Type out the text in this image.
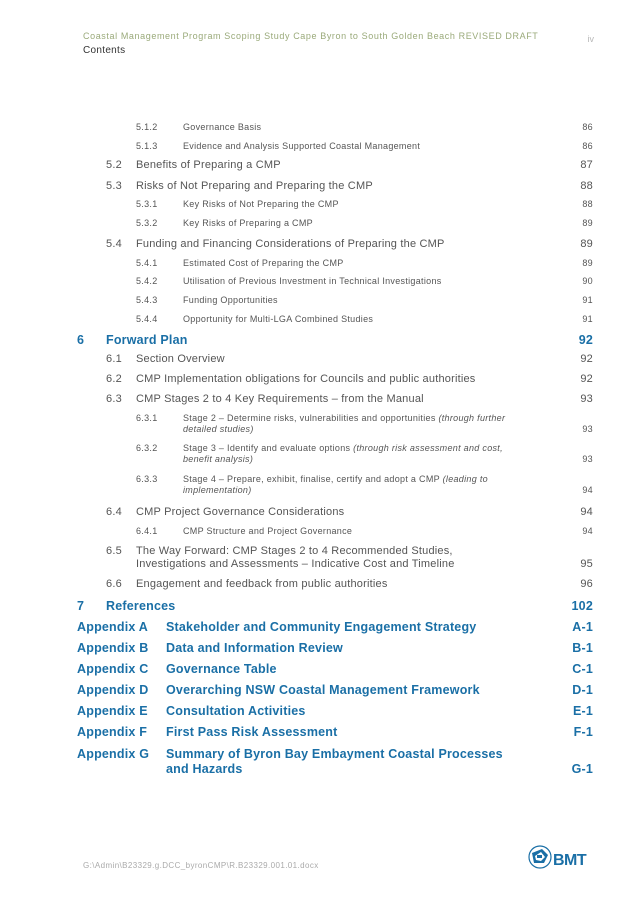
Coastal Management Program Scoping Study Cape Byron to South Golden Beach REVISED DRAFT
Contents
iv
5.1.2	Governance Basis	86
5.1.3	Evidence and Analysis Supported Coastal Management	86
5.2 Benefits of Preparing a CMP	87
5.3 Risks of Not Preparing and Preparing the CMP	88
5.3.1	Key Risks of Not Preparing the CMP	88
5.3.2	Key Risks of Preparing a CMP	89
5.4 Funding and Financing Considerations of Preparing the CMP	89
5.4.1	Estimated Cost of Preparing the CMP	89
5.4.2	Utilisation of Previous Investment in Technical Investigations	90
5.4.3	Funding Opportunities	91
5.4.4	Opportunity for Multi-LGA Combined Studies	91
6 Forward Plan	92
6.1 Section Overview	92
6.2 CMP Implementation obligations for Councils and public authorities	92
6.3 CMP Stages 2 to 4 Key Requirements – from the Manual	93
6.3.1	Stage 2 – Determine risks, vulnerabilities and opportunities (through further detailed studies)	93
6.3.2	Stage 3 – Identify and evaluate options (through risk assessment and cost, benefit analysis)	93
6.3.3	Stage 4 – Prepare, exhibit, finalise, certify and adopt a CMP (leading to implementation)	94
6.4 CMP Project Governance Considerations	94
6.4.1	CMP Structure and Project Governance	94
6.5 The Way Forward: CMP Stages 2 to 4 Recommended Studies, Investigations and Assessments – Indicative Cost and Timeline	95
6.6 Engagement and feedback from public authorities	96
7 References	102
Appendix A Stakeholder and Community Engagement Strategy	A-1
Appendix B Data and Information Review	B-1
Appendix C Governance Table	C-1
Appendix D Overarching NSW Coastal Management Framework	D-1
Appendix E Consultation Activities	E-1
Appendix F First Pass Risk Assessment	F-1
Appendix G Summary of Byron Bay Embayment Coastal Processes and Hazards	G-1
G:\Admin\B23329.g.DCC_byronCMP\R.B23329.001.01.docx	BMT
